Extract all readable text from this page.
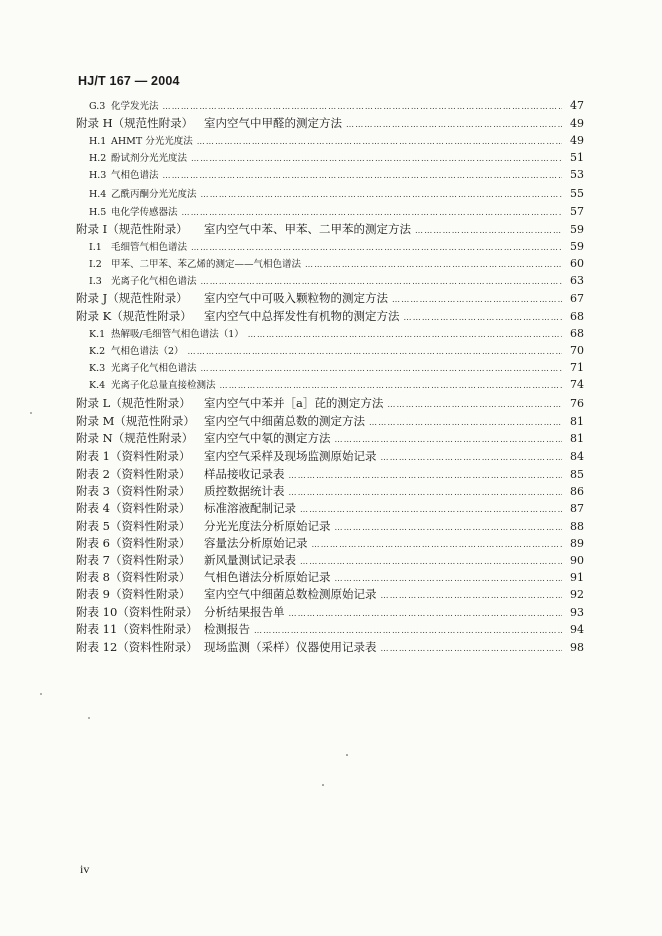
HJ/T 167 — 2004
G.3 化学发光法 ……………………………………………………………………………………………………………………………………………………………………………………………………………………	47
附录 H（规范性附录） 室内空气中甲醛的测定方法 ……………………………………………………………………………………………………………………………………………………………………………………………………………………	49
H.1 AHMT 分光光度法 ……………………………………………………………………………………………………………………………………………………………………………………………………………………	49
H.2 酚试剂分光光度法 ……………………………………………………………………………………………………………………………………………………………………………………………………………………	51
H.3 气相色谱法 ……………………………………………………………………………………………………………………………………………………………………………………………………………………	53
H.4 乙酰丙酮分光光度法 ……………………………………………………………………………………………………………………………………………………………………………………………………………………	55
H.5 电化学传感器法 ……………………………………………………………………………………………………………………………………………………………………………………………………………………	57
附录 I（规范性附录）	室内空气中苯、甲苯、二甲苯的测定方法 ……………………………………………………………………………………………………………………………………………………………………………………………………………………	59
I.1 毛细管气相色谱法 ……………………………………………………………………………………………………………………………………………………………………………………………………………………	59
I.2 甲苯、二甲苯、苯乙烯的测定——气相色谱法 ……………………………………………………………………………………………………………………………………………………………………………………………………………………	60
I.3 光离子化气相色谱法 ……………………………………………………………………………………………………………………………………………………………………………………………………………………	63
附录 J（规范性附录）	室内空气中可吸入颗粒物的测定方法 ……………………………………………………………………………………………………………………………………………………………………………………………………………………	67
附录 K（规范性附录）	室内空气中总挥发性有机物的测定方法 ……………………………………………………………………………………………………………………………………………………………………………………………………………………	68
K.1 热解吸/毛细管气相色谱法（1） ……………………………………………………………………………………………………………………………………………………………………………………………………………………	68
K.2 气相色谱法（2） ……………………………………………………………………………………………………………………………………………………………………………………………………………………	70
K.3 光离子化气相色谱法 ……………………………………………………………………………………………………………………………………………………………………………………………………………………	71
K.4 光离子化总量直接检测法 ……………………………………………………………………………………………………………………………………………………………………………………………………………………	74
附录 L（规范性附录）	室内空气中苯并［a］芘的测定方法 ……………………………………………………………………………………………………………………………………………………………………………………………………………………	76
附录 M（规范性附录） 室内空气中细菌总数的测定方法 ……………………………………………………………………………………………………………………………………………………………………………………………………………………	81
附录 N（规范性附录） 室内空气中氡的测定方法 ……………………………………………………………………………………………………………………………………………………………………………………………………………………	81
附表 1（资料性附录）	室内空气采样及现场监测原始记录 ……………………………………………………………………………………………………………………………………………………………………………………………………………………	84
附表 2（资料性附录）	样品接收记录表 ……………………………………………………………………………………………………………………………………………………………………………………………………………………	85
附表 3（资料性附录）	质控数据统计表 ……………………………………………………………………………………………………………………………………………………………………………………………………………………	86
附表 4（资料性附录）	标准溶液配制记录 ……………………………………………………………………………………………………………………………………………………………………………………………………………………	87
附表 5（资料性附录）	分光光度法分析原始记录 ……………………………………………………………………………………………………………………………………………………………………………………………………………………	88
附表 6（资料性附录）	容量法分析原始记录 ……………………………………………………………………………………………………………………………………………………………………………………………………………………	89
附表 7（资料性附录）	新风量测试记录表 ……………………………………………………………………………………………………………………………………………………………………………………………………………………	90
附表 8（资料性附录）	气相色谱法分析原始记录 ……………………………………………………………………………………………………………………………………………………………………………………………………………………	91
附表 9（资料性附录）	室内空气中细菌总数检测原始记录 ……………………………………………………………………………………………………………………………………………………………………………………………………………………	92
附表 10（资料性附录） 分析结果报告单 ……………………………………………………………………………………………………………………………………………………………………………………………………………………	93
附表 11（资料性附录） 检测报告 ……………………………………………………………………………………………………………………………………………………………………………………………………………………	94
附表 12（资料性附录） 现场监测（采样）仪器使用记录表 ……………………………………………………………………………………………………………………………………………………………………………………………………………………	98
iv
